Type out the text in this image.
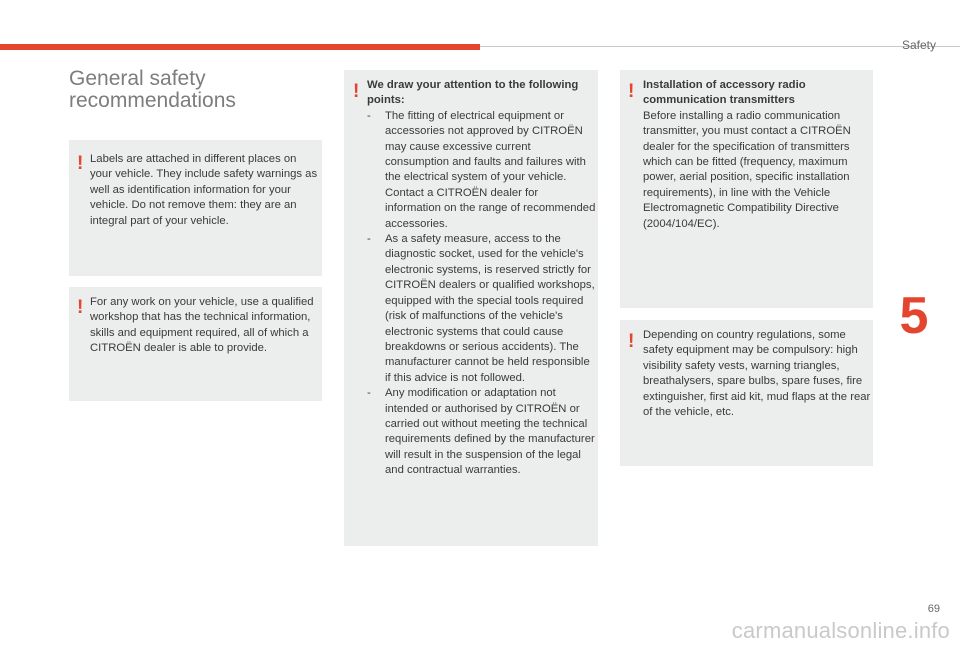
Safety
5
General safety recommendations
! Labels are attached in different places on your vehicle. They include safety warnings as well as identification information for your vehicle. Do not remove them: they are an integral part of your vehicle.
! For any work on your vehicle, use a qualified workshop that has the technical information, skills and equipment required, all of which a CITROËN dealer is able to provide.
! We draw your attention to the following points:
- The fitting of electrical equipment or accessories not approved by CITROËN may cause excessive current consumption and faults and failures with the electrical system of your vehicle. Contact a CITROËN dealer for information on the range of recommended accessories.
- As a safety measure, access to the diagnostic socket, used for the vehicle's electronic systems, is reserved strictly for CITROËN dealers or qualified workshops, equipped with the special tools required (risk of malfunctions of the vehicle's electronic systems that could cause breakdowns or serious accidents). The manufacturer cannot be held responsible if this advice is not followed.
- Any modification or adaptation not intended or authorised by CITROËN or carried out without meeting the technical requirements defined by the manufacturer will result in the suspension of the legal and contractual warranties.
! Installation of accessory radio communication transmitters
Before installing a radio communication transmitter, you must contact a CITROËN dealer for the specification of transmitters which can be fitted (frequency, maximum power, aerial position, specific installation requirements), in line with the Vehicle Electromagnetic Compatibility Directive (2004/104/EC).
! Depending on country regulations, some safety equipment may be compulsory: high visibility safety vests, warning triangles, breathalysers, spare bulbs, spare fuses, fire extinguisher, first aid kit, mud flaps at the rear of the vehicle, etc.
69
carmanualsonline.info
